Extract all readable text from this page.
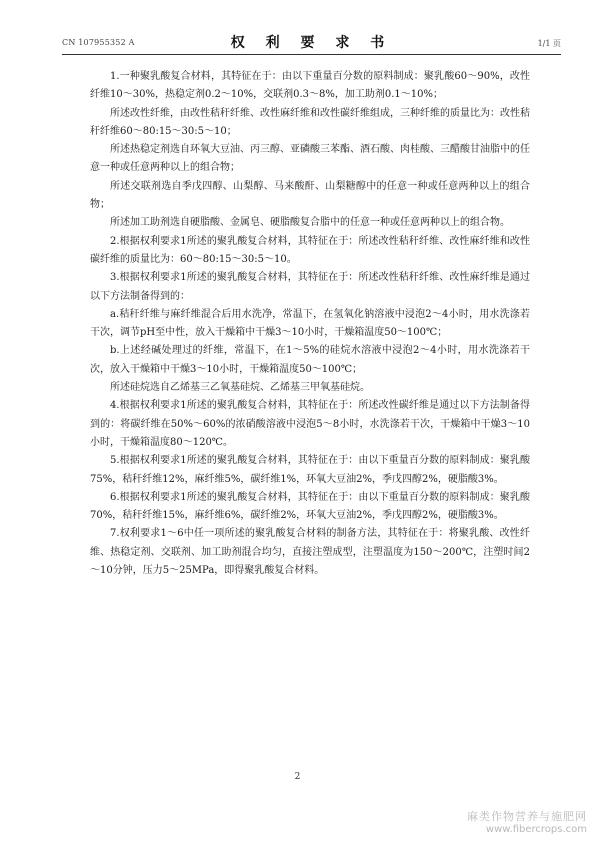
CN 107955352 A	权 利 要 求 书	1/1 页

1.一种聚乳酸复合材料，其特征在于：由以下重量百分数的原料制成：聚乳酸60～90%，改性纤维10～30%，热稳定剂0.2～10%，交联剂0.3～8%，加工助剂0.1～10%；

所述改性纤维，由改性秸秆纤维、改性麻纤维和改性碳纤维组成，三种纤维的质量比为：改性秸秆纤维60～80:15～30:5～10；

所述热稳定剂选自环氧大豆油、丙三醇、亚磷酸三苯酯、酒石酸、肉桂酸、三醋酸甘油脂中的任意一种或任意两种以上的组合物；

所述交联剂选自季戊四醇、山梨醇、马来酸酐、山梨糖醇中的任意一种或任意两种以上的组合物；

所述加工助剂选自硬脂酸、金属皂、硬脂酸复合脂中的任意一种或任意两种以上的组合物。

2.根据权利要求1所述的聚乳酸复合材料，其特征在于：所述改性秸秆纤维、改性麻纤维和改性碳纤维的质量比为：60～80:15～30:5～10。

3.根据权利要求1所述的聚乳酸复合材料，其特征在于：所述改性秸秆纤维、改性麻纤维是通过以下方法制备得到的：

a.秸秆纤维与麻纤维混合后用水洗净，常温下，在氢氧化钠溶液中浸泡2～4小时，用水洗涤若干次，调节pH至中性，放入干燥箱中干燥3～10小时，干燥箱温度50～100℃；

b.上述经碱处理过的纤维，常温下，在1～5%的硅烷水溶液中浸泡2～4小时，用水洗涤若干次，放入干燥箱中干燥3～10小时，干燥箱温度50～100℃；

所述硅烷选自乙烯基三乙氧基硅烷、乙烯基三甲氧基硅烷。

4.根据权利要求1所述的聚乳酸复合材料，其特征在于：所述改性碳纤维是通过以下方法制备得到的：将碳纤维在50%～60%的浓硝酸溶液中浸泡5～8小时，水洗涤若干次，干燥箱中干燥3～10小时，干燥箱温度80～120℃。

5.根据权利要求1所述的聚乳酸复合材料，其特征在于：由以下重量百分数的原料制成：聚乳酸75%，秸秆纤维12%，麻纤维5%，碳纤维1%，环氧大豆油2%，季戊四醇2%，硬脂酸3%。

6.根据权利要求1所述的聚乳酸复合材料，其特征在于：由以下重量百分数的原料制成：聚乳酸70%，秸秆纤维15%，麻纤维6%，碳纤维2%，环氧大豆油2%，季戊四醇2%，硬脂酸3%。

7.权利要求1～6中任一项所述的聚乳酸复合材料的制备方法，其特征在于：将聚乳酸、改性纤维、热稳定剂、交联剂、加工助剂混合均匀，直接注塑成型，注塑温度为150～200℃，注塑时间2～10分钟，压力5～25MPa，即得聚乳酸复合材料。

2
麻类作物营养与施肥网
www.fibercrops.com
